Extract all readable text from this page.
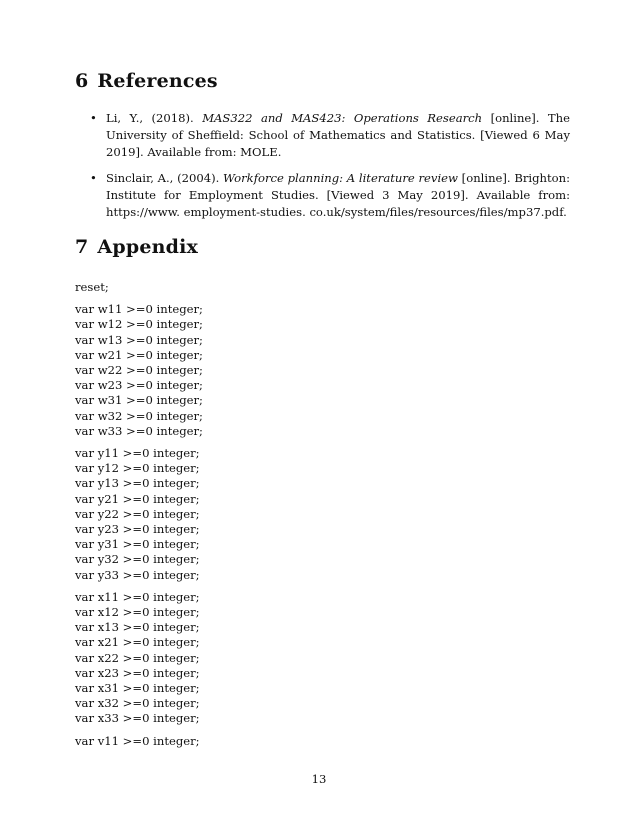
6 References
• Li, Y., (2018). MAS322 and MAS423: Operations Research [online]. The University of Sheffield: School of Mathematics and Statistics. [Viewed 6 May 2019]. Available from: MOLE.
• Sinclair, A., (2004). Workforce planning: A literature review [online]. Brighton: Institute for Employment Studies. [Viewed 3 May 2019]. Available from: https://www. employment-studies. co.uk/system/files/resources/files/mp37.pdf.
7 Appendix
reset;
var w11 >=0 integer;
var w12 >=0 integer;
var w13 >=0 integer;
var w21 >=0 integer;
var w22 >=0 integer;
var w23 >=0 integer;
var w31 >=0 integer;
var w32 >=0 integer;
var w33 >=0 integer;
var y11 >=0 integer;
var y12 >=0 integer;
var y13 >=0 integer;
var y21 >=0 integer;
var y22 >=0 integer;
var y23 >=0 integer;
var y31 >=0 integer;
var y32 >=0 integer;
var y33 >=0 integer;
var x11 >=0 integer;
var x12 >=0 integer;
var x13 >=0 integer;
var x21 >=0 integer;
var x22 >=0 integer;
var x23 >=0 integer;
var x31 >=0 integer;
var x32 >=0 integer;
var x33 >=0 integer;
var v11 >=0 integer;
13
